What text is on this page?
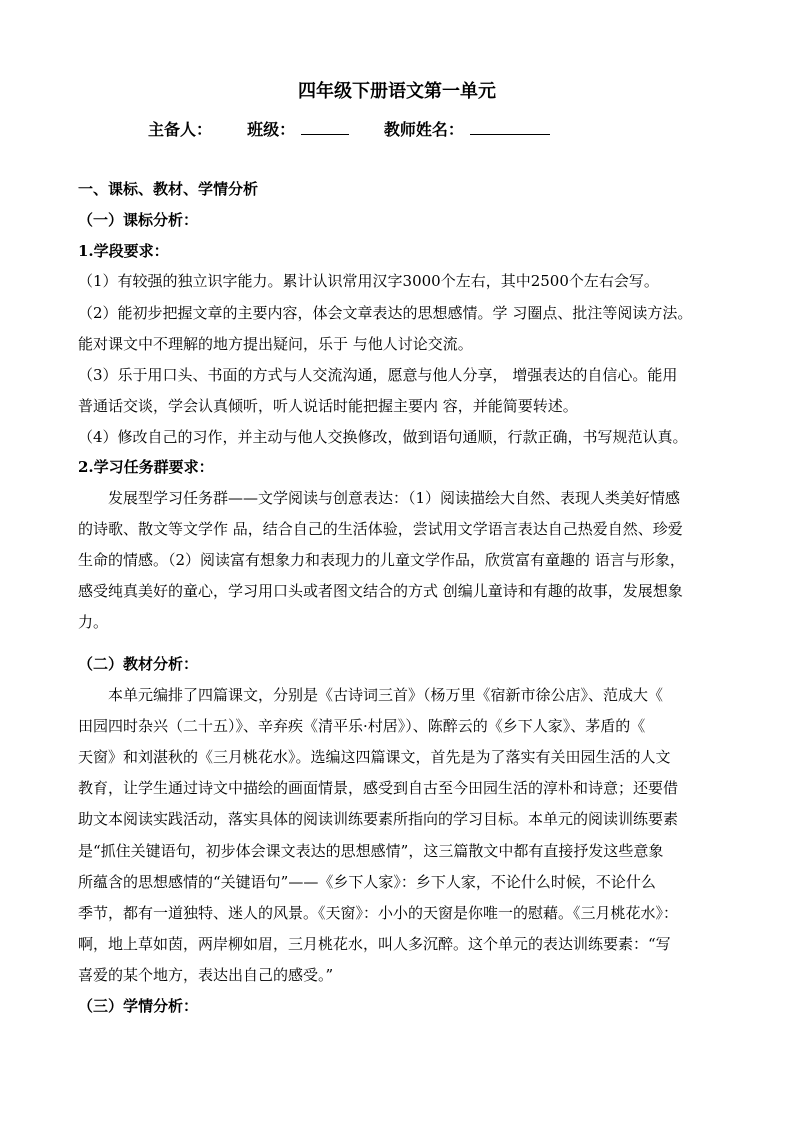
四年级下册语文第一单元
主备人： 班级：	教师姓名：
一、课标、教材、学情分析
（一）课标分析：
1.学段要求：
（1）有较强的独立识字能力。累计认识常用汉字3000个左右，其中2500个左右会写。
（2）能初步把握文章的主要内容，体会文章表达的思想感情。学 习圈点、批注等阅读方法。
能对课文中不理解的地方提出疑问，乐于 与他人讨论交流。
（3）乐于用口头、书面的方式与人交流沟通，愿意与他人分享， 增强表达的自信心。能用
普通话交谈，学会认真倾听，听人说话时能把握主要内 容，并能简要转述。
（4）修改自己的习作，并主动与他人交换修改，做到语句通顺，行款正确，书写规范认真。
2.学习任务群要求：
发展型学习任务群——文学阅读与创意表达：（1）阅读描绘大自然、表现人类美好情感
的诗歌、散文等文学作 品，结合自己的生活体验，尝试用文学语言表达自己热爱自然、珍爱
生命的情感。（2）阅读富有想象力和表现力的儿童文学作品，欣赏富有童趣的 语言与形象，
感受纯真美好的童心，学习用口头或者图文结合的方式 创编儿童诗和有趣的故事，发展想象
力。
（二）教材分析：
本单元编排了四篇课文，分别是《古诗词三首》（杨万里《宿新市徐公店》、范成大《
田园四时杂兴（二十五）》、辛弃疾《清平乐·村居》）、陈醉云的《乡下人家》、茅盾的《
天窗》和刘湛秋的《三月桃花水》。选编这四篇课文，首先是为了落实有关田园生活的人文
教育，让学生通过诗文中描绘的画面情景，感受到自古至今田园生活的淳朴和诗意；还要借
助文本阅读实践活动，落实具体的阅读训练要素所指向的学习目标。本单元的阅读训练要素
是“抓住关键语句，初步体会课文表达的思想感情”，这三篇散文中都有直接抒发这些意象
所蕴含的思想感情的“关键语句”——《乡下人家》：乡下人家，不论什么时候，不论什么
季节，都有一道独特、迷人的风景。《天窗》：小小的天窗是你唯一的慰藉。《三月桃花水》：
啊，地上草如茵，两岸柳如眉，三月桃花水，叫人多沉醉。这个单元的表达训练要素：“写
喜爱的某个地方，表达出自己的感受。”
（三）学情分析：
